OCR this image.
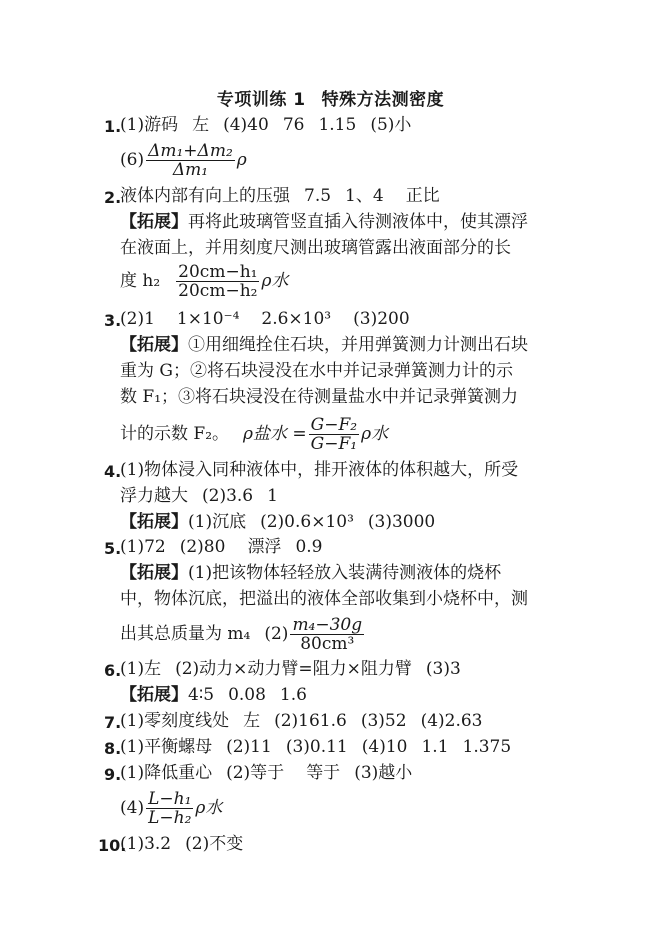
专项训练 1 特殊方法测密度
1.
(1)游码 左 (4)40 76 1.15 (5)小
$(6) \frac{\text{Δm₁+Δm₂}}{\text{Δm₁}}$ ρ
2.
液体内部有向上的压强 7.5 1、4 正比
【拓展】再将此玻璃管竖直插入待测液体中，使其漂浮
在液面上，并用刻度尺测出玻璃管露出液面部分的长
度 $h_2 \frac{\text{20cm−h₁}}{\text{20cm−h₂}}$ ρ水
3.
(2)1 1×10⁻⁴ 2.6×10³ (3)200
【拓展】①用细绳拴住石块，并用弹簧测力计测出石块
重为 G；②将石块浸没在水中并记录弹簧测力计的示
数 F₁；③将石块浸没在待测量盐水中并记录弹簧测力
计的示数 F₂。 ρ盐水 = $\frac{\text{G−F₂}}{\text{G−F₁}}$ ρ水
4.
(1)物体浸入同种液体中，排开液体的体积越大，所受
浮力越大 (2)3.6 1
【拓展】(1)沉底 (2)0.6×10³ (3)3000
5.
(1)72 (2)80 漂浮 0.9
【拓展】(1)把该物体轻轻放入装满待测液体的烧杯
中，物体沉底，把溢出的液体全部收集到小烧杯中，测
出其总质量为 m₄ $(2) \frac{\text{m₄−30g}}{\text{80cm³}}$
6.
(1)左 (2)动力×动力臂=阻力×阻力臂 (3)3
【拓展】4∶5 0.08 1.6
7.
(1)零刻度线处 左 (2)161.6 (3)52 (4)2.63
8.
(1)平衡螺母 (2)11 (3)0.11 (4)10 1.1 1.375
9.
(1)降低重心 (2)等于 等于 (3)越小
$(4) \frac{\text{L−h₁}}{\text{L−h₂}}$ ρ水
10.
(1)3.2 (2)不变
